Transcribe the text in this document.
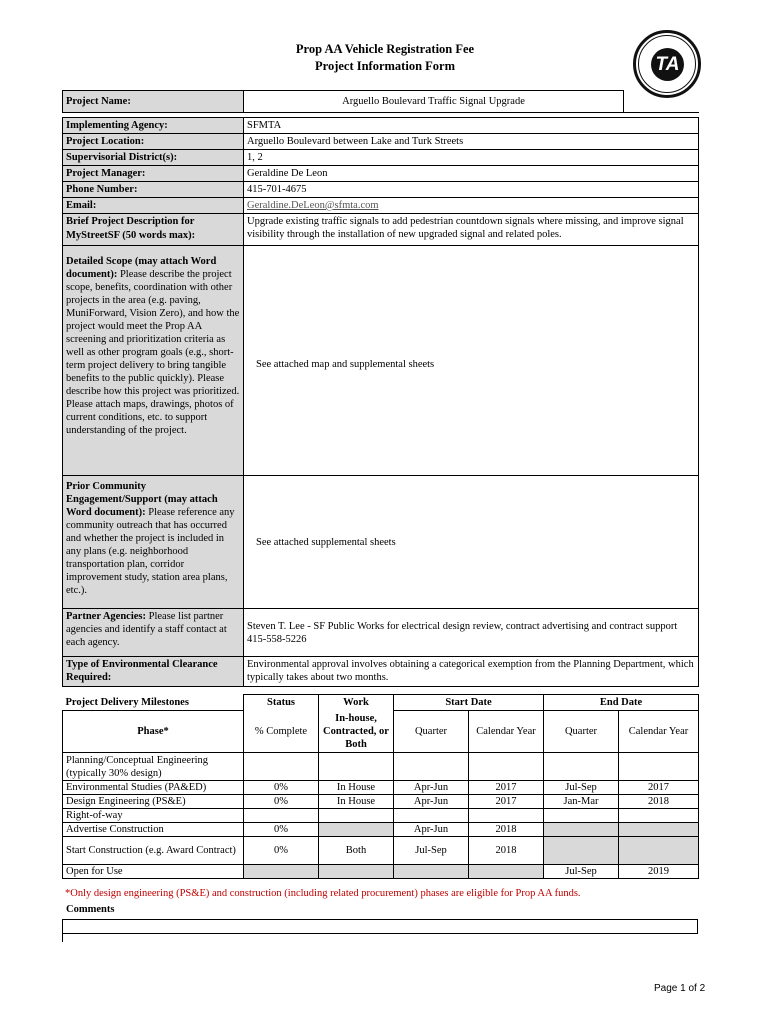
Prop AA Vehicle Registration Fee
Project Information Form	TA
Project Name:	Arguello Boulevard Traffic Signal Upgrade	

Implementing Agency:	SFMTA	
Project Location:	Arguello Boulevard between Lake and Turk Streets	
Supervisorial District(s):	1, 2	
Project Manager:	Geraldine De Leon	
Phone Number:	415-701-4675	
Email:	Geraldine.DeLeon@sfmta.com	
Brief Project Description for MyStreetSF (50 words max):	Upgrade existing traffic signals to add pedestrian countdown signals where missing, and improve signal visibility through the installation of new upgraded signal and related poles.	

Detailed Scope (may attach Word document): Please describe the project scope, benefits, coordination with other projects in the area (e.g. paving, MuniForward, Vision Zero), and how the project would meet the Prop AA screening and prioritization criteria as well as other program goals (e.g., short-term project delivery to bring tangible benefits to the public quickly). Please describe how this project was prioritized. Please attach maps, drawings, photos of current conditions, etc. to support understanding of the project.	See attached map and supplemental sheets	
Prior Community Engagement/Support (may attach Word document): Please reference any community outreach that has occurred and whether the project is included in any plans (e.g. neighborhood transportation plan, corridor improvement study, station area plans, etc.).	See attached supplemental sheets	
Partner Agencies: Please list partner agencies and identify a staff contact at each agency.	Steven T. Lee - SF Public Works for electrical design review, contract advertising and contract support
415-558-5226	

Type of Environmental Clearance Required:	Environmental approval involves obtaining a categorical exemption from the Planning Department, which typically takes about two months.	
Project Delivery Milestones	Status	Work	Start Date		End Date	
Phase*	% Complete	In-house, Contracted, or Both	Quarter	Calendar Year	Quarter	Calendar Year
Planning/Conceptual Engineering (typically 30% design)						
Environmental Studies (PA&ED)	0%	In House	Apr-Jun	2017	Jul-Sep	2017
Design Engineering (PS&E)	0%	In House	Apr-Jun	2017	Jan-Mar	2018
Right-of-way						
Advertise Construction	0%		Apr-Jun	2018		
Start Construction (e.g. Award Contract)	0%	Both	Jul-Sep	2018		
Open for Use					Jul-Sep	2019
*Only design engineering (PS&E) and construction (including related procurement) phases are eligible for Prop AA funds.
Comments
Page 1 of 2
